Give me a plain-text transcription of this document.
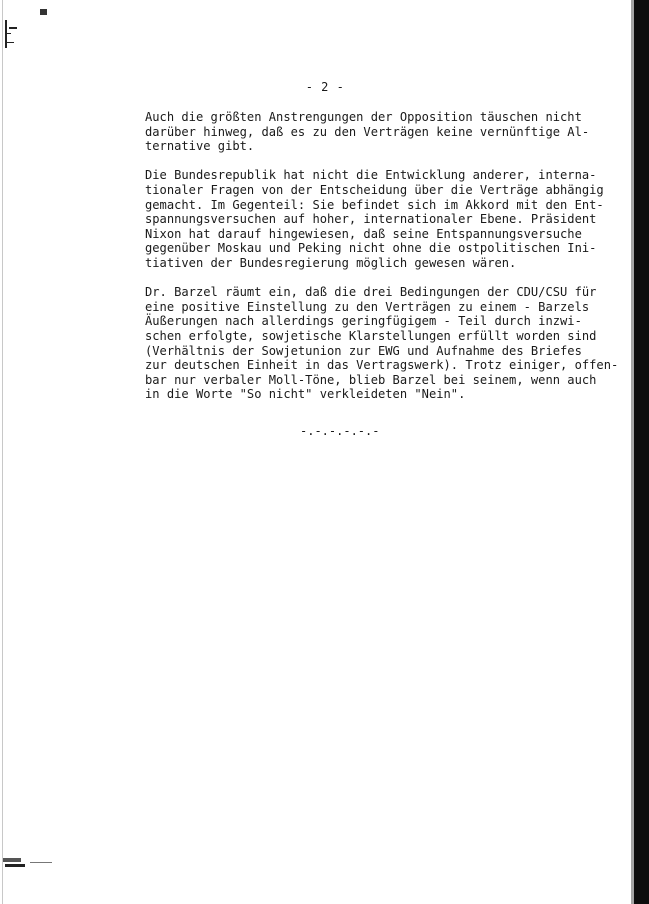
- 2 -

Auch die größten Anstrengungen der Opposition täuschen nicht
darüber hinweg, daß es zu den Verträgen keine vernünftige Al-
ternative gibt.

Die Bundesrepublik hat nicht die Entwicklung anderer, interna-
tionaler Fragen von der Entscheidung über die Verträge abhängig
gemacht. Im Gegenteil: Sie befindet sich im Akkord mit den Ent-
spannungsversuchen auf hoher, internationaler Ebene. Präsident
Nixon hat darauf hingewiesen, daß seine Entspannungsversuche
gegenüber Moskau und Peking nicht ohne die ostpolitischen Ini-
tiativen der Bundesregierung möglich gewesen wären.

Dr. Barzel räumt ein, daß die drei Bedingungen der CDU/CSU für
eine positive Einstellung zu den Verträgen zu einem - Barzels
Äußerungen nach allerdings geringfügigem - Teil durch inzwi-
schen erfolgte, sowjetische Klarstellungen erfüllt worden sind
(Verhältnis der Sowjetunion zur EWG und Aufnahme des Briefes
zur deutschen Einheit in das Vertragswerk). Trotz einiger, offen-
bar nur verbaler Moll-Töne, blieb Barzel bei seinem, wenn auch
in die Worte "So nicht" verkleideten "Nein".

-.-.-.-.-.-
